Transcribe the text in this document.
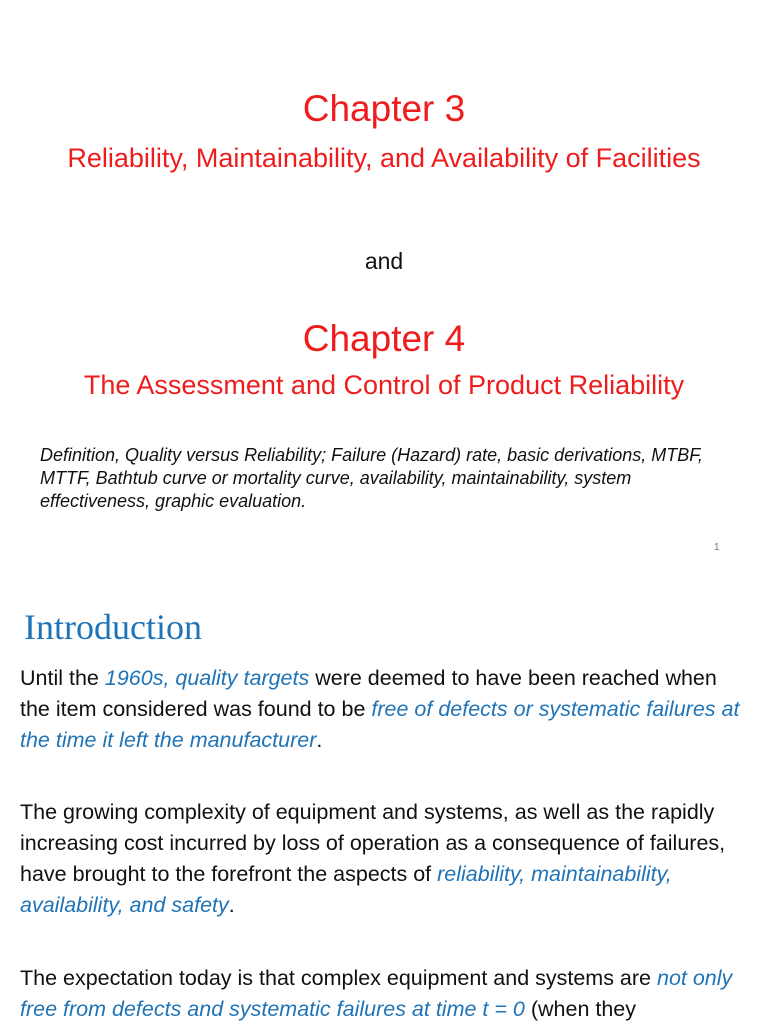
Chapter 3
Reliability, Maintainability, and Availability of Facilities
and
Chapter 4
The Assessment and Control of Product Reliability
Definition, Quality versus Reliability; Failure (Hazard) rate, basic derivations, MTBF, MTTF, Bathtub curve or mortality curve, availability, maintainability, system effectiveness, graphic evaluation.
1
Introduction
Until the 1960s, quality targets were deemed to have been reached when the item considered was found to be free of defects or systematic failures at the time it left the manufacturer.
The growing complexity of equipment and systems, as well as the rapidly increasing cost incurred by loss of operation as a consequence of failures, have brought to the forefront the aspects of reliability, maintainability, availability, and safety.
The expectation today is that complex equipment and systems are not only free from defects and systematic failures at time t = 0 (when they
